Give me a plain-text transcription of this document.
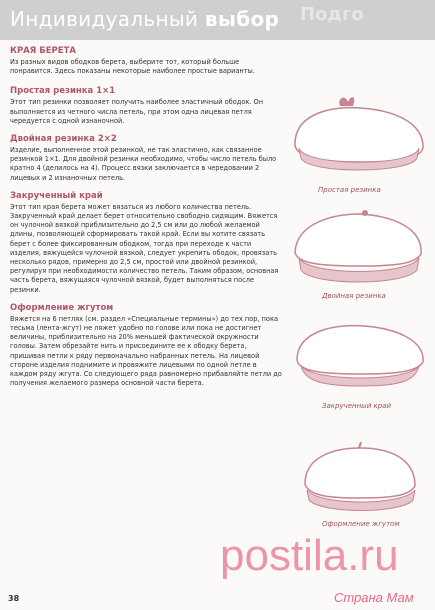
Индивидуальный выбор Подго
КРАЯ БЕРЕТА

Из разных видов ободков берета, выберите тот, который больше понравится. Здесь показаны некоторые наиболее простые варианты.

Простая резинка 1×1

Этот тип резинки позволяет получить наиболее эластичный ободок. Он выполняется из четного числа петель, при этом одна лицевая петля чередуется с одной изнаночной.

Двойная резинка 2×2

Изделие, выполненное этой резинкой, не так эластично, как связанное резинкой 1×1. Для двойной резинки необходимо, чтобы число петель было кратно 4 (делилось на 4). Процесс вязки заключается в чередовании 2 лицевых и 2 изнаночных петель.

Закрученный край

Этот тип края берета может вязаться из любого количества петель. Закрученный край делает берет относительно свободно сидящим. Вяжется он чулочной вязкой приблизительно до 2,5 см или до любой желаемой длины, позволяющей сформировать такой край. Если вы хотите связать берет с более фиксированным ободком, тогда при переходе к части изделия, вяжущейся чулочной вязкой, следует укрепить ободок, провязать несколько рядов, примерно до 2,5 см, простой или двойной резинкой, регулируя при необходимости количество петель. Таким образом, основная часть берета, вяжущаяся чулочной вязкой, будет выполняться после резинки.

Оформление жгутом

Вяжется на 6 петлях (см. раздел «Специальные термины») до тех пор, пока тесьма (лента-жгут) не ляжет удобно по голове или пока не достигнет величины, приблизительно на 20% меньшей фактической окружности головы. Затем обрезайте нить и присоедините ее к ободку берета, пришивая петли к ряду первоначально набранных петель. На лицевой стороне изделия поднимите и провяжите лицевыми по одной петле в каждом ряду жгута. Со следующего ряда равномерно прибавляйте петли до получения желаемого размера основной части берета.

Простая резинка
Двойная резинка
Закрученный край
Оформление жгутом
postila.ru
Страна Мам
38
